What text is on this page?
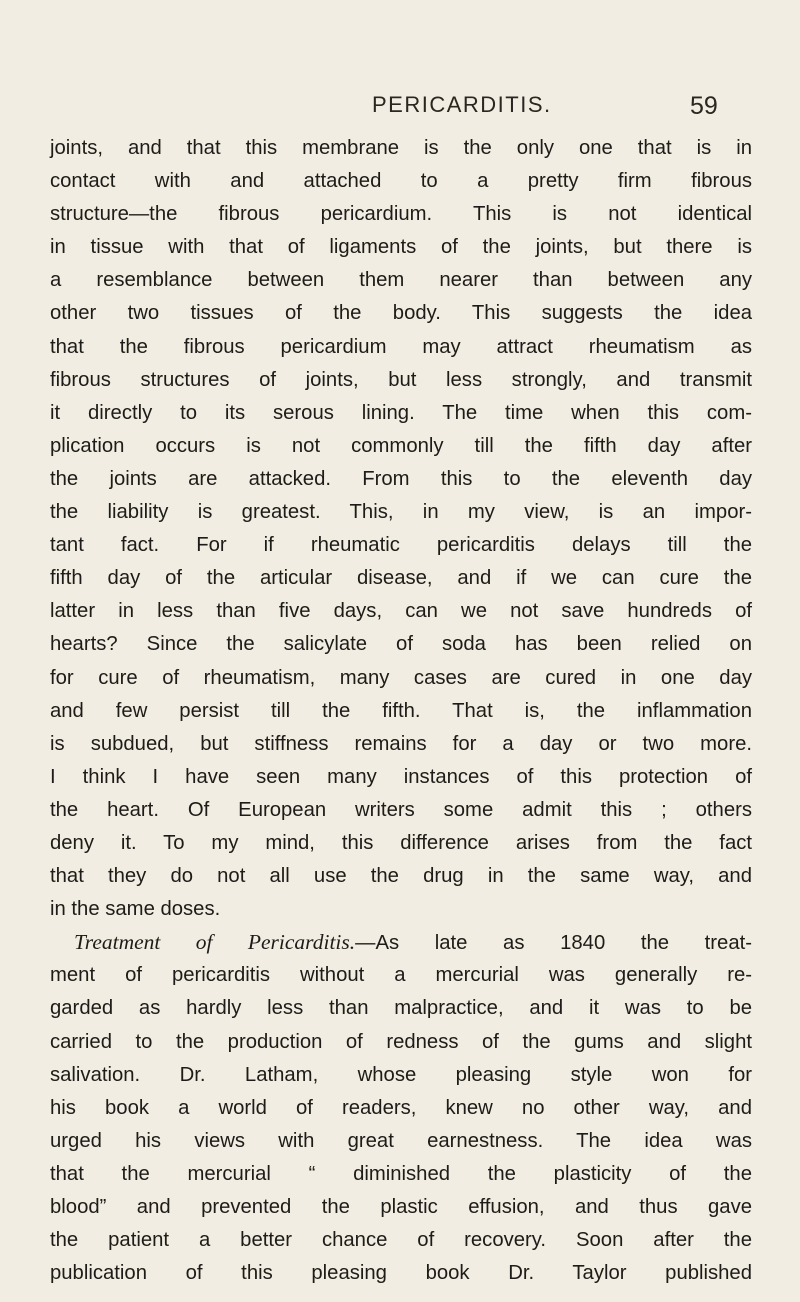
PERICARDITIS.	59
joints, and that this membrane is the only one that is in
contact with and attached to a pretty firm fibrous
structure—the fibrous pericardium. This is not identical
in tissue with that of ligaments of the joints, but there is
a resemblance between them nearer than between any
other two tissues of the body. This suggests the idea
that the fibrous pericardium may attract rheumatism as
fibrous structures of joints, but less strongly, and transmit
it directly to its serous lining. The time when this com-
plication occurs is not commonly till the fifth day after
the joints are attacked. From this to the eleventh day
the liability is greatest. This, in my view, is an impor-
tant fact. For if rheumatic pericarditis delays till the
fifth day of the articular disease, and if we can cure the
latter in less than five days, can we not save hundreds of
hearts? Since the salicylate of soda has been relied on
for cure of rheumatism, many cases are cured in one day
and few persist till the fifth. That is, the inflammation
is subdued, but stiffness remains for a day or two more.
I think I have seen many instances of this protection of
the heart. Of European writers some admit this ; others
deny it. To my mind, this difference arises from the fact
that they do not all use the drug in the same way, and
in the same doses.
Treatment of Pericarditis.—As late as 1840 the treat-
ment of pericarditis without a mercurial was generally re-
garded as hardly less than malpractice, and it was to be
carried to the production of redness of the gums and slight
salivation. Dr. Latham, whose pleasing style won for
his book a world of readers, knew no other way, and
urged his views with great earnestness. The idea was
that the mercurial “ diminished the plasticity of the
blood” and prevented the plastic effusion, and thus gave
the patient a better chance of recovery. Soon after the
publication of this pleasing book Dr. Taylor published
